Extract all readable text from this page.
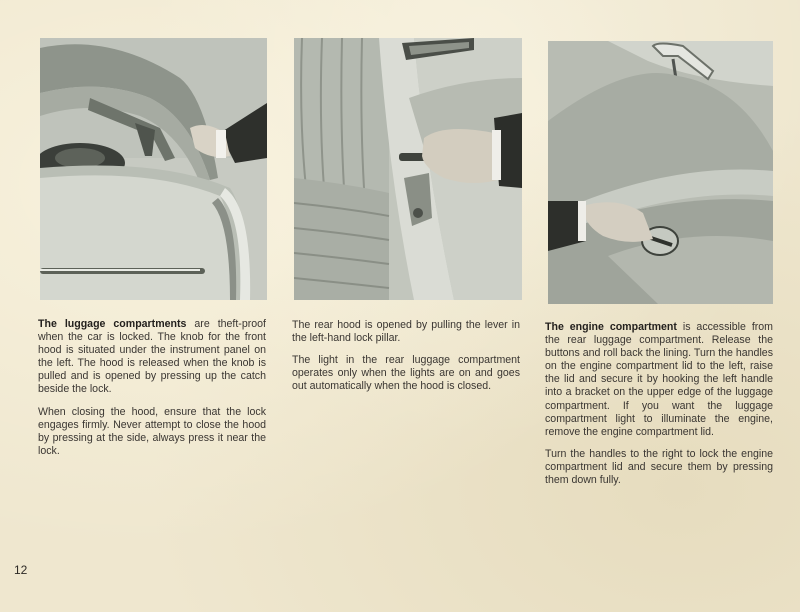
The luggage compartments are theft-proof when the car is locked. The knob for the front hood is situated under the instrument panel on the left. The hood is released when the knob is pulled and is opened by pressing up the catch beside the lock.

When closing the hood, ensure that the lock engages firmly. Never attempt to close the hood by pressing at the side, always press it near the lock.

The rear hood is opened by pulling the lever in the left-hand lock pillar.

The light in the rear luggage compartment operates only when the lights are on and goes out automatically when the hood is closed.

The engine compartment is accessible from the rear luggage compartment. Release the buttons and roll back the lining. Turn the handles on the engine compartment lid to the left, raise the lid and secure it by hooking the left handle into a bracket on the upper edge of the luggage compartment. If you want the luggage compartment light to illuminate the engine, remove the engine compartment lid.

Turn the handles to the right to lock the engine compartment lid and secure them by pressing them down fully.

12
